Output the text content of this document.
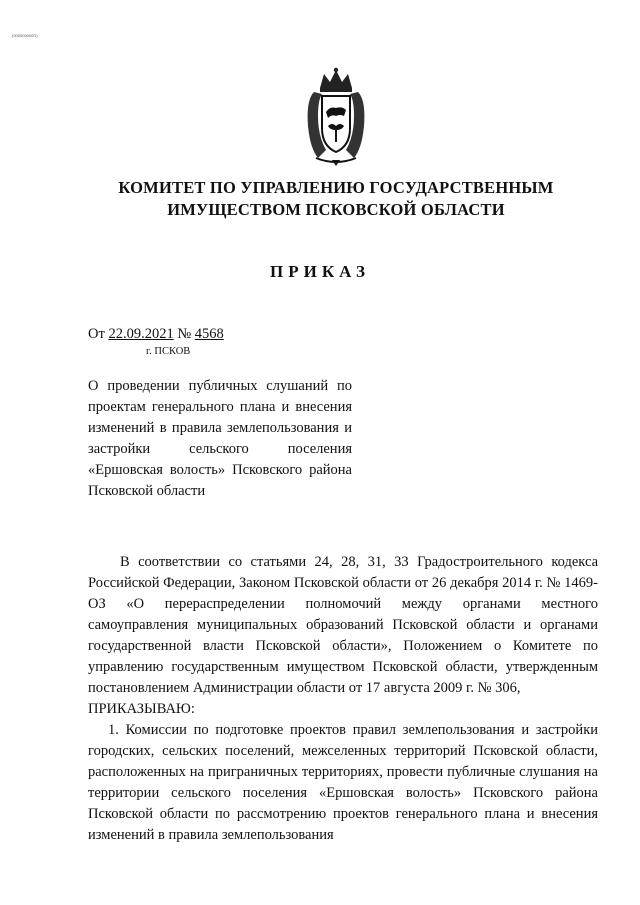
(000000000П)
КОМИТЕТ ПО УПРАВЛЕНИЮ ГОСУДАРСТВЕННЫМ
ИМУЩЕСТВОМ ПСКОВСКОЙ ОБЛАСТИ
ПРИКАЗ
От 22.09.2021 № 4568
г. ПСКОВ
О проведении публичных слушаний по проектам генерального плана и внесения изменений в правила землепользования и застройки сельского поселения «Ершовская волость» Псковского района Псковской области

В соответствии со статьями 24, 28, 31, 33 Градостроительного кодекса Российской Федерации, Законом Псковской области от 26 декабря 2014 г. № 1469-ОЗ «О перераспределении полномочий между органами местного самоуправления муниципальных образований Псковской области и органами государственной власти Псковской области», Положением о Комитете по управлению государственным имуществом Псковской области, утвержденным постановлением Администрации области от 17 августа 2009 г. № 306,

ПРИКАЗЫВАЮ:

1. Комиссии по подготовке проектов правил землепользования и застройки городских, сельских поселений, межселенных территорий Псковской области, расположенных на приграничных территориях, провести публичные слушания на территории сельского поселения «Ершовская волость» Псковского района Псковской области по рассмотрению проектов генерального плана и внесения изменений в правила землепользования
